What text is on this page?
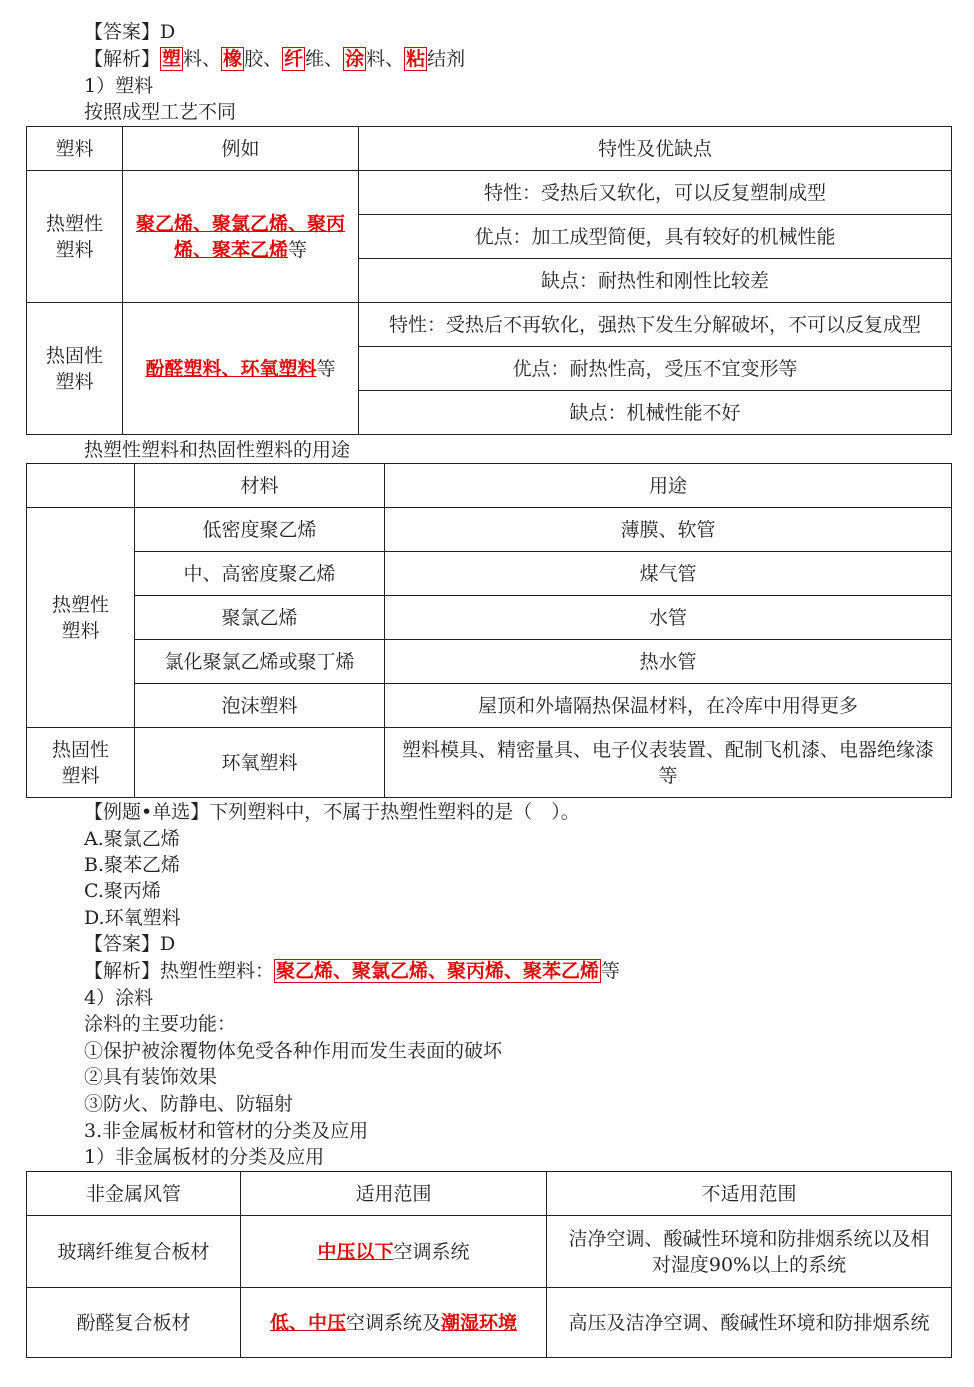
【答案】D
【解析】 塑 料、 橡 胶、 纤 维、 涂 料、 粘 结剂
1）塑料
按照成型工艺不同
塑料	例如	特性及优缺点
热塑性塑料	聚乙烯、聚氯乙烯、聚丙烯、聚苯乙烯等	特性：受热后又软化，可以反复塑制成型
		优点：加工成型简便，具有较好的机械性能
		缺点：耐热性和刚性比较差
热固性塑料	酚醛塑料、环氧塑料等	特性：受热后不再软化，强热下发生分解破坏，不可以反复成型
		优点：耐热性高，受压不宜变形等
		缺点：机械性能不好
热塑性塑料和热固性塑料的用途
	材料	用途
热塑性塑料	低密度聚乙烯	薄膜、软管
	中、高密度聚乙烯	煤气管
	聚氯乙烯	水管
	氯化聚氯乙烯或聚丁烯	热水管
	泡沫塑料	屋顶和外墙隔热保温材料，在冷库中用得更多
热固性塑料	环氧塑料	塑料模具、精密量具、电子仪表装置、配制飞机漆、电器绝缘漆等
【例题•单选】下列塑料中，不属于热塑性塑料的是（　）。
A.聚氯乙烯
B.聚苯乙烯
C.聚丙烯
D.环氧塑料
【答案】D
【解析】热塑性塑料： 聚乙烯、聚氯乙烯、聚丙烯、聚苯乙烯 等
4）涂料
涂料的主要功能：
①保护被涂覆物体免受各种作用而发生表面的破坏
②具有装饰效果
③防火、防静电、防辐射
3.非金属板材和管材的分类及应用
1）非金属板材的分类及应用
非金属风管	适用范围	不适用范围
玻璃纤维复合板材	中压以下空调系统	洁净空调、酸碱性环境和防排烟系统以及相对湿度90%以上的系统
酚醛复合板材	低、中压空调系统及潮湿环境	高压及洁净空调、酸碱性环境和防排烟系统
